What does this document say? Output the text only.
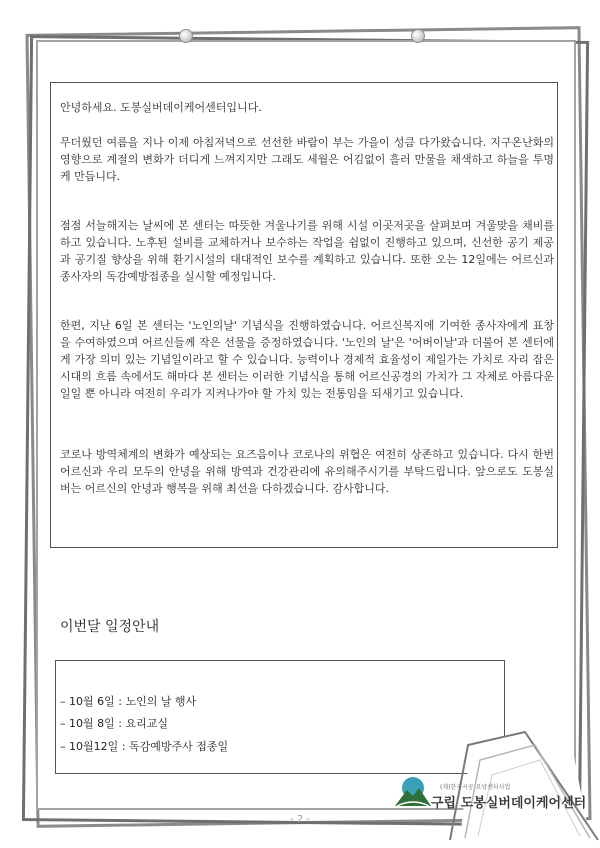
안녕하세요. 도봉실버데이케어센터입니다.

무더웠던 여름을 지나 이제 아침저녁으로 선선한 바람이 부는 가을이 성큼 다가왔습니다. 지구온난화의 영향으로 계절의 변화가 더디게 느껴지지만 그래도 세월은 어김없이 흘러 만물을 채색하고 하늘을 투명케 만듭니다.

점점 서늘해지는 날씨에 본 센터는 따뜻한 겨울나기를 위해 시설 이곳저곳을 살펴보며 겨울맞을 채비를 하고 있습니다. 노후된 설비를 교체하거나 보수하는 작업을 쉼없이 진행하고 있으며, 신선한 공기 제공과 공기질 향상을 위해 환기시설의 대대적인 보수를 계획하고 있습니다. 또한 오는 12일에는 어르신과 종사자의 독감예방접종을 실시할 예정입니다.

한편, 지난 6일 본 센터는 '노인의날' 기념식을 진행하였습니다. 어르신복지에 기여한 종사자에게 표창을 수여하였으며 어르신들께 작은 선물을 증정하였습니다. '노인의 날'은 '어버이날'과 더불어 본 센터에게 가장 의미 있는 기념일이라고 할 수 있습니다. 능력이나 경제적 효율성이 제일가는 가치로 자리 잡은 시대의 흐름 속에서도 해마다 본 센터는 이러한 기념식을 통해 어르신공경의 가치가 그 자체로 아름다운 일일 뿐 아니라 여전히 우리가 지켜나가야 할 가치 있는 전통임을 되새기고 있습니다.

코로나 방역체계의 변화가 예상되는 요즈음이나 코로나의 위협은 여전히 상존하고 있습니다. 다시 한번 어르신과 우리 모두의 안녕을 위해 방역과 건강관리에 유의해주시기를 부탁드립니다. 앞으로도 도봉실버는 어르신의 안녕과 행복을 위해 최선을 다하겠습니다. 감사합니다.

이번달 일정안내
– 10월 6일 : 노인의 날 행사
– 10월 8일 : 요리교실
– 10월12일 : 독감예방주사 접종일
(재)한국시공 요양센터사업
구립 도봉실버데이케어센터
- 2 -
